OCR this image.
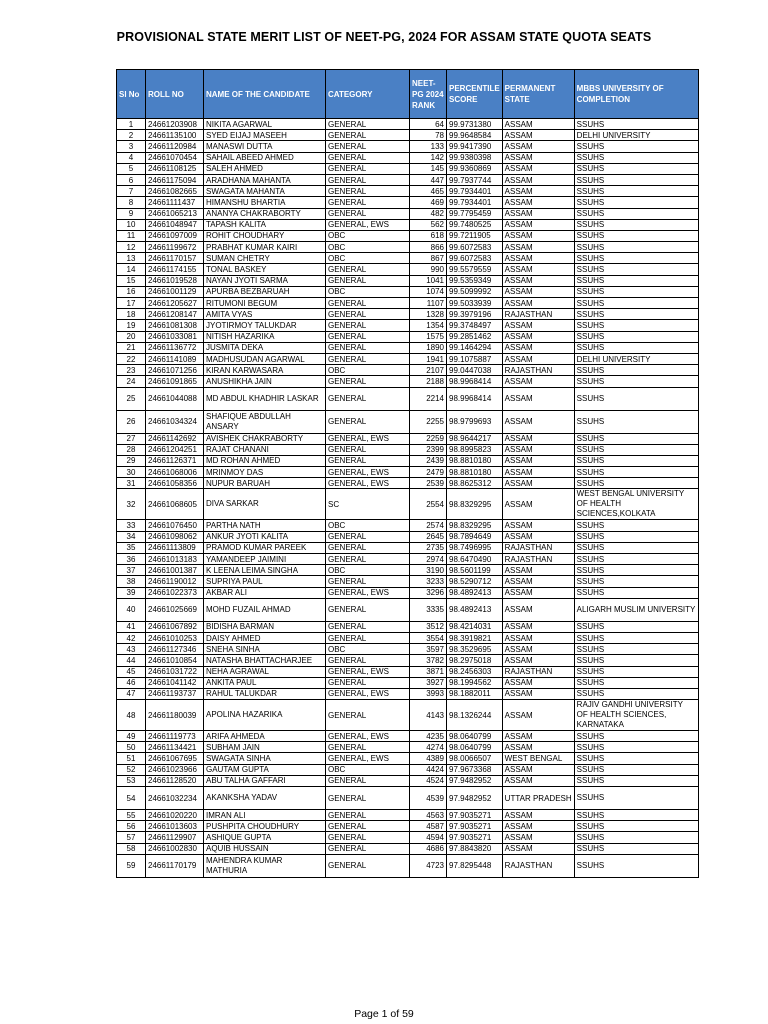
PROVISIONAL STATE MERIT LIST OF NEET-PG, 2024 FOR ASSAM STATE QUOTA SEATS
Sl No	ROLL NO	NAME OF THE CANDIDATE	CATEGORY	NEET-PG 2024 RANK	PERCENTILE SCORE	PERMANENT STATE	MBBS UNIVERSITY OF COMPLETION
1	24661203908	NIKITA AGARWAL	GENERAL	64	99.9731380	ASSAM	SSUHS
2	24661135100	SYED EIJAJ MASEEH	GENERAL	78	99.9648584	ASSAM	DELHI UNIVERSITY
3	24661120984	MANASWI DUTTA	GENERAL	133	99.9417390	ASSAM	SSUHS
4	24661070454	SAHAIL ABEED AHMED	GENERAL	142	99.9380398	ASSAM	SSUHS
5	24661108125	SALEH AHMED	GENERAL	145	99.9360869	ASSAM	SSUHS
6	24661175094	ARADHANA MAHANTA	GENERAL	447	99.7937744	ASSAM	SSUHS
7	24661082665	SWAGATA MAHANTA	GENERAL	465	99.7934401	ASSAM	SSUHS
8	24661111437	HIMANSHU BHARTIA	GENERAL	469	99.7934401	ASSAM	SSUHS
9	24661065213	ANANYA CHAKRABORTY	GENERAL	482	99.7795459	ASSAM	SSUHS
10	24661048947	TAPASH KALITA	GENERAL, EWS	562	99.7480525	ASSAM	SSUHS
11	24661097009	ROHIT CHOUDHARY	OBC	618	99.7211905	ASSAM	SSUHS
12	24661199672	PRABHAT KUMAR KAIRI	OBC	866	99.6072583	ASSAM	SSUHS
13	24661170157	SUMAN CHETRY	OBC	867	99.6072583	ASSAM	SSUHS
14	24661174155	TONAL BASKEY	GENERAL	990	99.5579559	ASSAM	SSUHS
15	24661019528	NAYAN JYOTI SARMA	GENERAL	1041	99.5359349	ASSAM	SSUHS
16	24661001129	APURBA BEZBARUAH	OBC	1074	99.5099992	ASSAM	SSUHS
17	24661205627	RITUMONI BEGUM	GENERAL	1107	99.5033939	ASSAM	SSUHS
18	24661208147	AMITA VYAS	GENERAL	1328	99.3979196	RAJASTHAN	SSUHS
19	24661081308	JYOTIRMOY TALUKDAR	GENERAL	1354	99.3748497	ASSAM	SSUHS
20	24661033081	NITISH HAZARIKA	GENERAL	1575	99.2851462	ASSAM	SSUHS
21	24661136772	JUSMITA DEKA	GENERAL	1890	99.1464294	ASSAM	SSUHS
22	24661141089	MADHUSUDAN AGARWAL	GENERAL	1941	99.1075887	ASSAM	DELHI UNIVERSITY
23	24661071256	KIRAN KARWASARA	OBC	2107	99.0447038	RAJASTHAN	SSUHS
24	24661091865	ANUSHIKHA JAIN	GENERAL	2188	98.9968414	ASSAM	SSUHS
25	24661044088	MD ABDUL KHADHIR LASKAR	GENERAL	2214	98.9968414	ASSAM	SSUHS
26	24661034324	SHAFIQUE ABDULLAH ANSARY	GENERAL	2255	98.9799693	ASSAM	SSUHS
27	24661142692	AVISHEK CHAKRABORTY	GENERAL, EWS	2259	98.9644217	ASSAM	SSUHS
28	24661204251	RAJAT CHANANI	GENERAL	2399	98.8995823	ASSAM	SSUHS
29	24661126371	MD ROHAN AHMED	GENERAL	2439	98.8810180	ASSAM	SSUHS
30	24661068006	MRINMOY DAS	GENERAL, EWS	2479	98.8810180	ASSAM	SSUHS
31	24661058356	NUPUR BARUAH	GENERAL, EWS	2539	98.8625312	ASSAM	SSUHS
32	24661068605	DIVA SARKAR	SC	2554	98.8329295	ASSAM	WEST BENGAL UNIVERSITY OF HEALTH SCIENCES,KOLKATA
33	24661076450	PARTHA NATH	OBC	2574	98.8329295	ASSAM	SSUHS
34	24661098062	ANKUR JYOTI KALITA	GENERAL	2645	98.7894649	ASSAM	SSUHS
35	24661113809	PRAMOD KUMAR PAREEK	GENERAL	2735	98.7496995	RAJASTHAN	SSUHS
36	24661013183	YAMANDEEP JAIMINI	GENERAL	2974	98.6470490	RAJASTHAN	SSUHS
37	24661001387	K LEENA LEIMA SINGHA	OBC	3190	98.5601199	ASSAM	SSUHS
38	24661190012	SUPRIYA PAUL	GENERAL	3233	98.5290712	ASSAM	SSUHS
39	24661022373	AKBAR ALI	GENERAL, EWS	3296	98.4892413	ASSAM	SSUHS
40	24661025669	MOHD FUZAIL AHMAD	GENERAL	3335	98.4892413	ASSAM	ALIGARH MUSLIM UNIVERSITY
41	24661067892	BIDISHA BARMAN	GENERAL	3512	98.4214031	ASSAM	SSUHS
42	24661010253	DAISY AHMED	GENERAL	3554	98.3919821	ASSAM	SSUHS
43	24661127346	SNEHA SINHA	OBC	3597	98.3529695	ASSAM	SSUHS
44	24661010854	NATASHA BHATTACHARJEE	GENERAL	3782	98.2975018	ASSAM	SSUHS
45	24661031722	NEHA AGRAWAL	GENERAL, EWS	3871	98.2456303	RAJASTHAN	SSUHS
46	24661041142	ANKITA PAUL	GENERAL	3927	98.1994562	ASSAM	SSUHS
47	24661193737	RAHUL TALUKDAR	GENERAL, EWS	3993	98.1882011	ASSAM	SSUHS
48	24661180039	APOLINA HAZARIKA	GENERAL	4143	98.1326244	ASSAM	RAJIV GANDHI UNIVERSITY OF HEALTH SCIENCES, KARNATAKA
49	24661119773	ARIFA AHMEDA	GENERAL, EWS	4235	98.0640799	ASSAM	SSUHS
50	24661134421	SUBHAM JAIN	GENERAL	4274	98.0640799	ASSAM	SSUHS
51	24661067695	SWAGATA SINHA	GENERAL, EWS	4389	98.0066507	WEST BENGAL	SSUHS
52	24661023966	GAUTAM GUPTA	OBC	4424	97.9673368	ASSAM	SSUHS
53	24661128520	ABU TALHA GAFFARI	GENERAL	4524	97.9482952	ASSAM	SSUHS
54	24661032234	AKANKSHA YADAV	GENERAL	4539	97.9482952	UTTAR PRADESH	SSUHS
55	24661020220	IMRAN ALI	GENERAL	4563	97.9035271	ASSAM	SSUHS
56	24661013603	PUSHPITA CHOUDHURY	GENERAL	4587	97.9035271	ASSAM	SSUHS
57	24661129907	ASHIQUE GUPTA	GENERAL	4594	97.9035271	ASSAM	SSUHS
58	24661002830	AQUIB HUSSAIN	GENERAL	4686	97.8843820	ASSAM	SSUHS
59	24661170179	MAHENDRA KUMAR MATHURIA	GENERAL	4723	97.8295448	RAJASTHAN	SSUHS
Page 1 of 59
